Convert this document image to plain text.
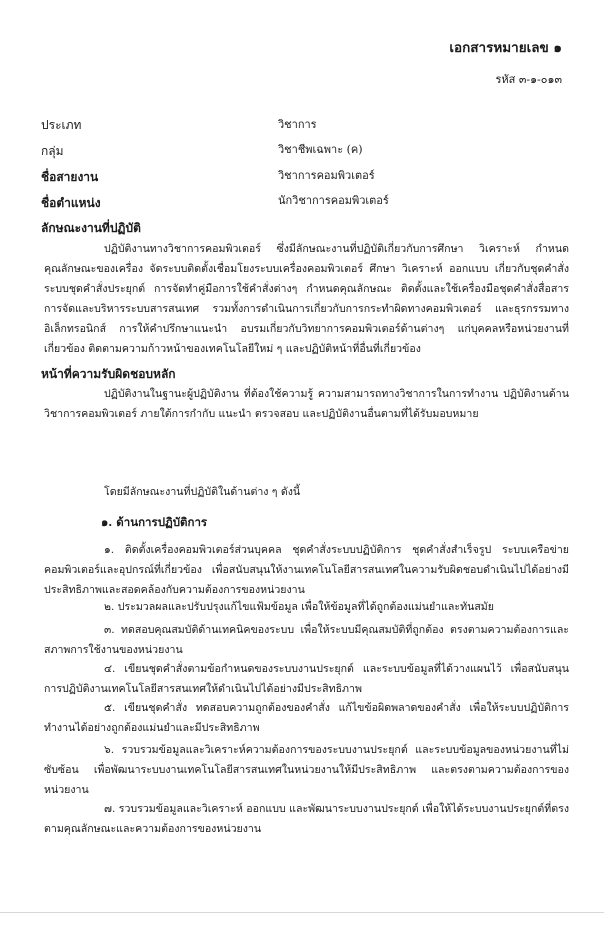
เอกสารหมายเลข ๑
รหัส ๓-๑-๐๑๓
ประเภท	วิชาการ
กลุ่ม	วิชาชีพเฉพาะ (ค)
ชื่อสายงาน	วิชาการคอมพิวเตอร์
ชื่อตำแหน่ง	นักวิชาการคอมพิวเตอร์
ลักษณะงานที่ปฏิบัติ

ปฏิบัติงานทางวิชาการคอมพิวเตอร์ ซึ่งมีลักษณะงานที่ปฏิบัติเกี่ยวกับการศึกษา วิเคราะห์ กำหนดคุณลักษณะของเครื่อง จัดระบบติดตั้งเชื่อมโยงระบบเครื่องคอมพิวเตอร์ ศึกษา วิเคราะห์ ออกแบบ เกี่ยวกับชุดคำสั่ง ระบบชุดคำสั่งประยุกต์ การจัดทำคู่มือการใช้คำสั่งต่างๆ กำหนดคุณลักษณะ ติดตั้งและใช้เครื่องมือชุดคำสั่งสื่อสาร การจัดและบริหารระบบสารสนเทศ รวมทั้งการดำเนินการเกี่ยวกับการกระทำผิดทางคอมพิวเตอร์ และธุรกรรมทางอิเล็กทรอนิกส์ การให้คำปรึกษาแนะนำ อบรมเกี่ยวกับวิทยาการคอมพิวเตอร์ด้านต่างๆ แก่บุคคลหรือหน่วยงานที่เกี่ยวข้อง ติดตามความก้าวหน้าของเทคโนโลยีใหม่ ๆ และปฏิบัติหน้าที่อื่นที่เกี่ยวข้อง

หน้าที่ความรับผิดชอบหลัก

ปฏิบัติงานในฐานะผู้ปฏิบัติงาน ที่ต้องใช้ความรู้ ความสามารถทางวิชาการในการทำงาน ปฏิบัติงานด้านวิชาการคอมพิวเตอร์ ภายใต้การกำกับ แนะนำ ตรวจสอบ และปฏิบัติงานอื่นตามที่ได้รับมอบหมาย

โดยมีลักษณะงานที่ปฏิบัติในด้านต่าง ๆ ดังนี้

๑. ด้านการปฏิบัติการ

๑. ติดตั้งเครื่องคอมพิวเตอร์ส่วนบุคคล ชุดคำสั่งระบบปฏิบัติการ ชุดคำสั่งสำเร็จรูป ระบบเครือข่ายคอมพิวเตอร์และอุปกรณ์ที่เกี่ยวข้อง เพื่อสนับสนุนให้งานเทคโนโลยีสารสนเทศในความรับผิดชอบดำเนินไปได้อย่างมีประสิทธิภาพและสอดคล้องกับความต้องการของหน่วยงาน

๒. ประมวลผลและปรับปรุงแก้ไขแฟ้มข้อมูล เพื่อให้ข้อมูลที่ได้ถูกต้องแม่นยำและทันสมัย

๓. ทดสอบคุณสมบัติด้านเทคนิคของระบบ เพื่อให้ระบบมีคุณสมบัติที่ถูกต้อง ตรงตามความต้องการและสภาพการใช้งานของหน่วยงาน

๔. เขียนชุดคำสั่งตามข้อกำหนดของระบบงานประยุกต์ และระบบข้อมูลที่ได้วางแผนไว้ เพื่อสนับสนุนการปฏิบัติงานเทคโนโลยีสารสนเทศให้ดำเนินไปได้อย่างมีประสิทธิภาพ

๕. เขียนชุดคำสั่ง ทดสอบความถูกต้องของคำสั่ง แก้ไขข้อผิดพลาดของคำสั่ง เพื่อให้ระบบปฏิบัติการทำงานได้อย่างถูกต้องแม่นยำและมีประสิทธิภาพ

๖. รวบรวมข้อมูลและวิเคราะห์ความต้องการของระบบงานประยุกต์ และระบบข้อมูลของหน่วยงานที่ไม่ซับซ้อน เพื่อพัฒนาระบบงานเทคโนโลยีสารสนเทศในหน่วยงานให้มีประสิทธิภาพ และตรงตามความต้องการของหน่วยงาน

๗. รวบรวมข้อมูลและวิเคราะห์ ออกแบบ และพัฒนาระบบงานประยุกต์ เพื่อให้ได้ระบบงานประยุกต์ที่ตรงตามคุณลักษณะและความต้องการของหน่วยงาน
